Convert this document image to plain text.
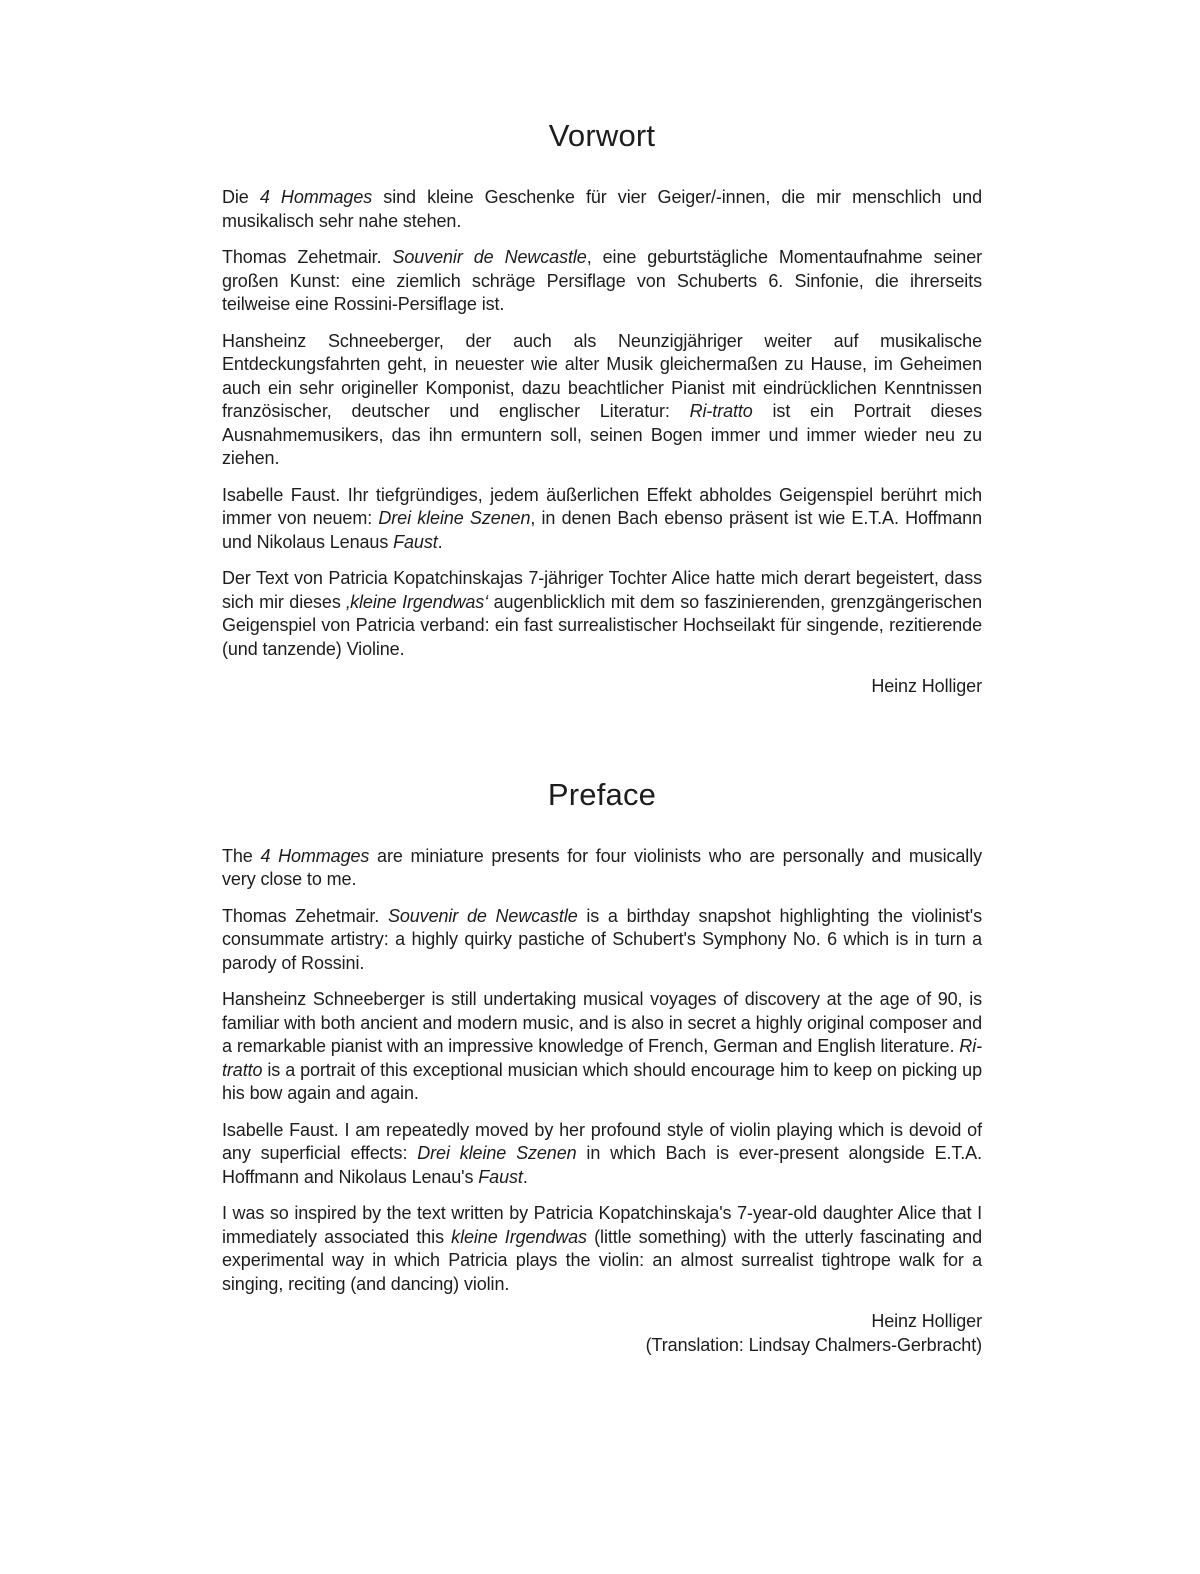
Vorwort

Die 4 Hommages sind kleine Geschenke für vier Geiger/-innen, die mir menschlich und musikalisch sehr nahe stehen.

Thomas Zehetmair. Souvenir de Newcastle, eine geburtstägliche Momentaufnahme seiner großen Kunst: eine ziemlich schräge Persiflage von Schuberts 6. Sinfonie, die ihrerseits teilweise eine Rossini-Persiflage ist.

Hansheinz Schneeberger, der auch als Neunzigjähriger weiter auf musikalische Entdeckungsfahrten geht, in neuester wie alter Musik gleichermaßen zu Hause, im Geheimen auch ein sehr origineller Komponist, dazu beachtlicher Pianist mit eindrücklichen Kenntnissen französischer, deutscher und englischer Literatur: Ri-tratto ist ein Portrait dieses Ausnahmemusikers, das ihn ermuntern soll, seinen Bogen immer und immer wieder neu zu ziehen.

Isabelle Faust. Ihr tiefgründiges, jedem äußerlichen Effekt abholdes Geigenspiel berührt mich immer von neuem: Drei kleine Szenen, in denen Bach ebenso präsent ist wie E.T.A. Hoffmann und Nikolaus Lenaus Faust.

Der Text von Patricia Kopatchinskajas 7-jähriger Tochter Alice hatte mich derart begeistert, dass sich mir dieses ‚kleine Irgendwas‘ augenblicklich mit dem so faszinierenden, grenzgängerischen Geigenspiel von Patricia verband: ein fast surrealistischer Hochseilakt für singende, rezitierende (und tanzende) Violine.

Heinz Holliger
Preface

The 4 Hommages are miniature presents for four violinists who are personally and musically very close to me.

Thomas Zehetmair. Souvenir de Newcastle is a birthday snapshot highlighting the violinist's consummate artistry: a highly quirky pastiche of Schubert's Symphony No. 6 which is in turn a parody of Rossini.

Hansheinz Schneeberger is still undertaking musical voyages of discovery at the age of 90, is familiar with both ancient and modern music, and is also in secret a highly original composer and a remarkable pianist with an impressive knowledge of French, German and English literature. Ri-tratto is a portrait of this exceptional musician which should encourage him to keep on picking up his bow again and again.

Isabelle Faust. I am repeatedly moved by her profound style of violin playing which is devoid of any superficial effects: Drei kleine Szenen in which Bach is ever-present alongside E.T.A. Hoffmann and Nikolaus Lenau's Faust.

I was so inspired by the text written by Patricia Kopatchinskaja's 7-year-old daughter Alice that I immediately associated this kleine Irgendwas (little something) with the utterly fascinating and experimental way in which Patricia plays the violin: an almost surrealist tightrope walk for a singing, reciting (and dancing) violin.

Heinz Holliger
(Translation: Lindsay Chalmers-Gerbracht)
